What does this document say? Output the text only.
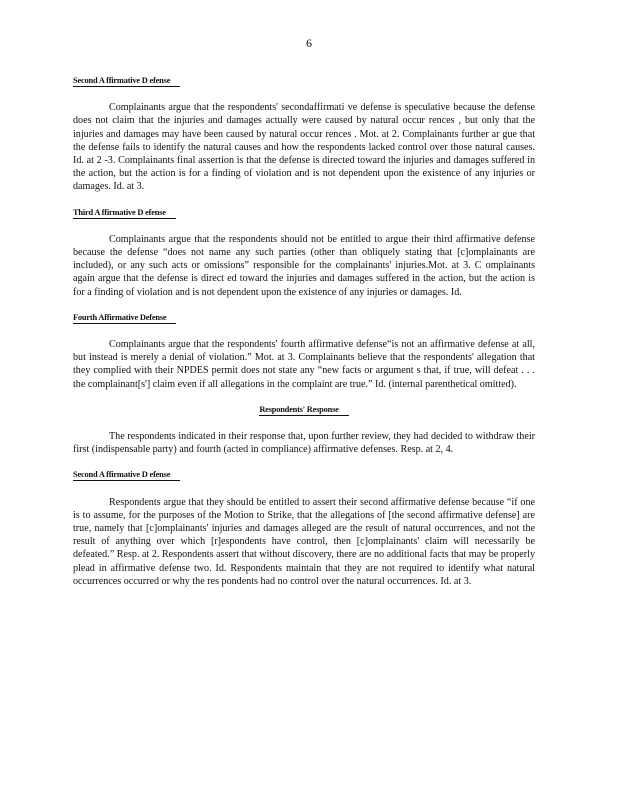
6
Second A ffirmative D efense

Complainants argue that the respondents' secondaffirmati ve defense is speculative because the defense does not claim that the injuries and damages actually were caused by natural occur rences , but only that the injuries and damages may have been caused by natural occur rences . Mot. at 2. Complainants further ar gue that the defense fails to identify the natural causes and how the respondents lacked control over those natural causes. Id. at 2 -3. Complainants final assertion is that the defense is directed toward the injuries and damages suffered in the action, but the action is for a finding of violation and is not dependent upon the existence of any injuries or damages. Id. at 3.

Third A ffirmative D efense

Complainants argue that the respondents should not be entitled to argue their third affirmative defense because the defense “does not name any such parties (other than obliquely stating that [c]omplainants are included), or any such acts or omissions” responsible for the complainants' injuries.Mot. at 3. C omplainants again argue that the defense is direct ed toward the injuries and damages suffered in the action, but the action is for a finding of violation and is not dependent upon the existence of any injuries or damages. Id.

Fourth Affirmative Defense

Complainants argue that the respondents' fourth affirmative defense“is not an affirmative defense at all, but instead is merely a denial of violation.” Mot. at 3. Complainants believe that the respondents' allegation that they complied with their NPDES permit does not state any “new facts or argument s that, if true, will defeat . . . the complainant[s'] claim even if all allegations in the complaint are true.” Id. (internal parenthetical omitted).

Respondents' Response

The respondents indicated in their response that, upon further review, they had decided to withdraw their first (indispensable party) and fourth (acted in compliance) affirmative defenses. Resp. at 2, 4.

Second A ffirmative D efense

Respondents argue that they should be entitled to assert their second affirmative defense because “if one is to assume, for the purposes of the Motion to Strike, that the allegations of [the second affirmative defense] are true, namely that [c]omplainants' injuries and damages alleged are the result of natural occurrences, and not the result of anything over which [r]espondents have control, then [c]omplainants' claim will necessarily be defeated.” Resp. at 2. Respondents assert that without discovery, there are no additional facts that may be properly plead in affirmative defense two. Id. Respondents maintain that they are not required to identify what natural occurrences occurred or why the res pondents had no control over the natural occurrences. Id. at 3.
